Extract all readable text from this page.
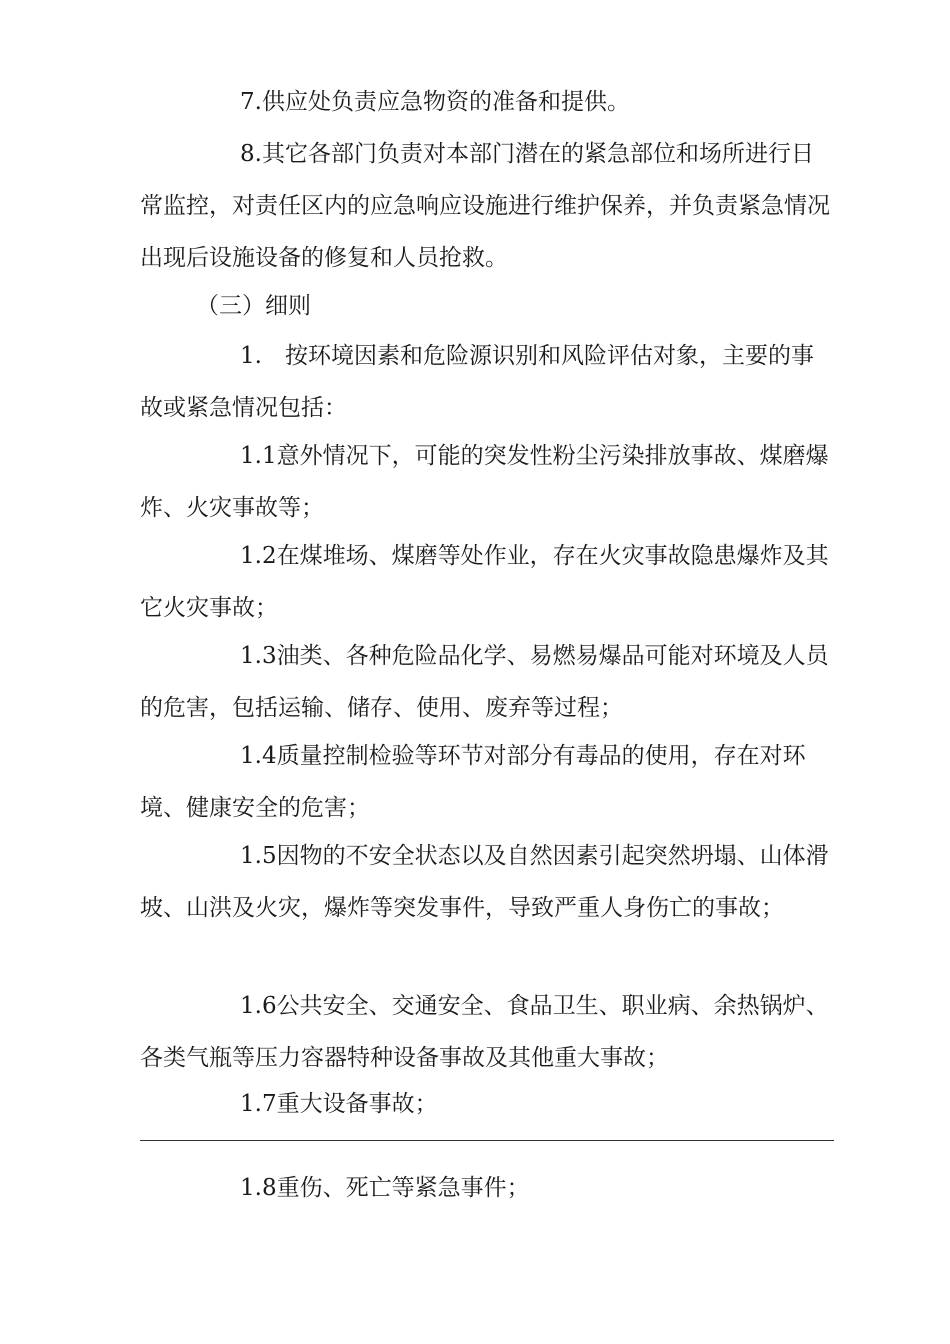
7.供应处负责应急物资的准备和提供。

8.其它各部门负责对本部门潜在的紧急部位和场所进行日常监控，对责任区内的应急响应设施进行维护保养，并负责紧急情况出现后设施设备的修复和人员抢救。

（三）细则

1.　按环境因素和危险源识别和风险评估对象，主要的事故或紧急情况包括：

1.1意外情况下，可能的突发性粉尘污染排放事故、煤磨爆炸、火灾事故等；

1.2在煤堆场、煤磨等处作业，存在火灾事故隐患爆炸及其它火灾事故；

1.3油类、各种危险品化学、易燃易爆品可能对环境及人员的危害，包括运输、储存、使用、废弃等过程；

1.4质量控制检验等环节对部分有毒品的使用，存在对环境、健康安全的危害；

1.5因物的不安全状态以及自然因素引起突然坍塌、山体滑坡、山洪及火灾，爆炸等突发事件，导致严重人身伤亡的事故；

1.6公共安全、交通安全、食品卫生、职业病、余热锅炉、各类气瓶等压力容器特种设备事故及其他重大事故；

1.7重大设备事故；

1.8重伤、死亡等紧急事件；
